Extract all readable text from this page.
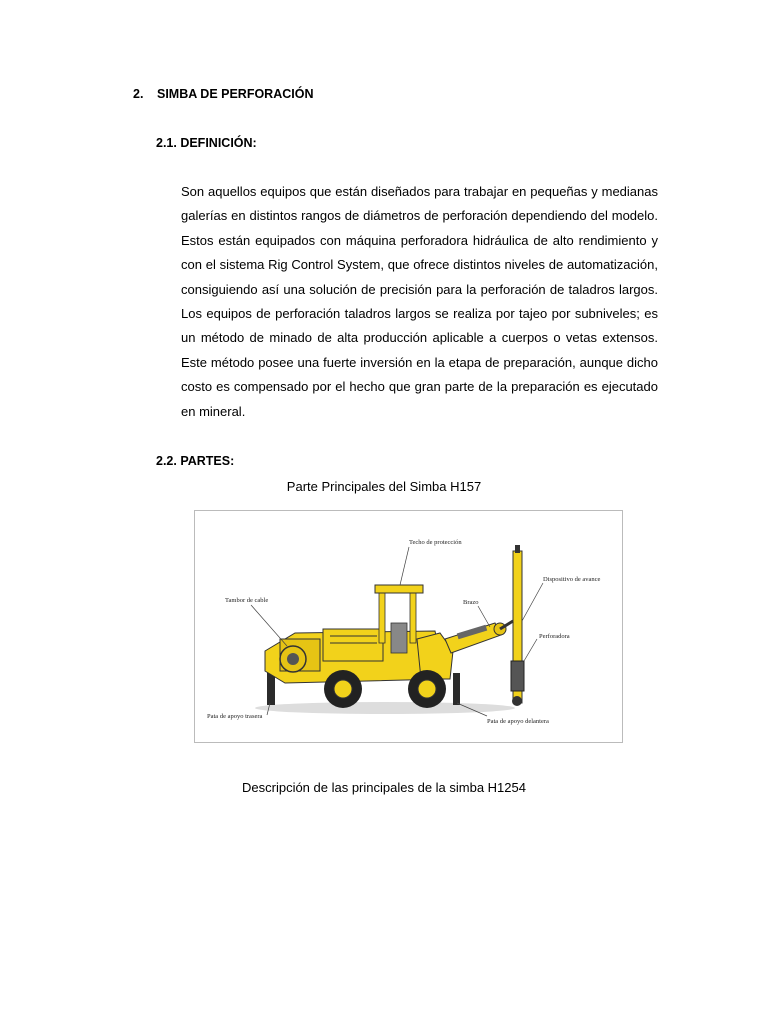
2. SIMBA DE PERFORACIÓN
2.1. DEFINICIÓN:

Son aquellos equipos que están diseñados para trabajar en pequeñas y medianas galerías en distintos rangos de diámetros de perforación dependiendo del modelo. Estos están equipados con máquina perforadora hidráulica de alto rendimiento y con el sistema Rig Control System, que ofrece distintos niveles de automatización, consiguiendo así una solución de precisión para la perforación de taladros largos. Los equipos de perforación taladros largos se realiza por tajeo por subniveles; es un método de minado de alta producción aplicable a cuerpos o vetas extensos. Este método posee una fuerte inversión en la etapa de preparación, aunque dicho costo es compensado por el hecho que gran parte de la preparación es ejecutado en mineral.

2.2. PARTES:
Parte Principales del Simba H157
Techo de protección
Tambor de cable
Dispositivo de avance
Brazo
Perforadora
Pata de apoyo trasera
Pata de apoyo delantera
Descripción de las principales de la simba H1254
